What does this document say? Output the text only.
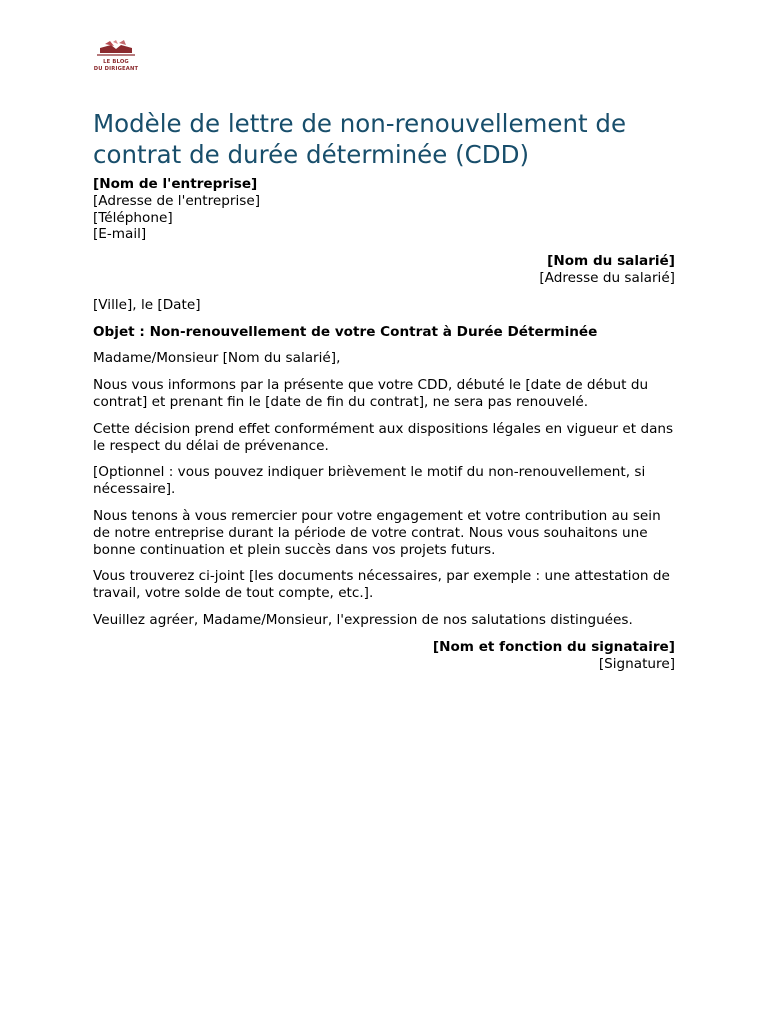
LE BLOG
DU DIRIGEANT
Modèle de lettre de non-renouvellement de contrat de durée déterminée (CDD)
[Nom de l'entreprise]
[Adresse de l'entreprise]
[Téléphone]
[E-mail]
[Nom du salarié]
[Adresse du salarié]

[Ville], le [Date]

Objet : Non-renouvellement de votre Contrat à Durée Déterminée

Madame/Monsieur [Nom du salarié],

Nous vous informons par la présente que votre CDD, débuté le [date de début du contrat] et prenant fin le [date de fin du contrat], ne sera pas renouvelé.

Cette décision prend effet conformément aux dispositions légales en vigueur et dans le respect du délai de prévenance.

[Optionnel : vous pouvez indiquer brièvement le motif du non-renouvellement, si nécessaire].

Nous tenons à vous remercier pour votre engagement et votre contribution au sein de notre entreprise durant la période de votre contrat. Nous vous souhaitons une bonne continuation et plein succès dans vos projets futurs.

Vous trouverez ci-joint [les documents nécessaires, par exemple : une attestation de travail, votre solde de tout compte, etc.].

Veuillez agréer, Madame/Monsieur, l'expression de nos salutations distinguées.

[Nom et fonction du signataire]
[Signature]
